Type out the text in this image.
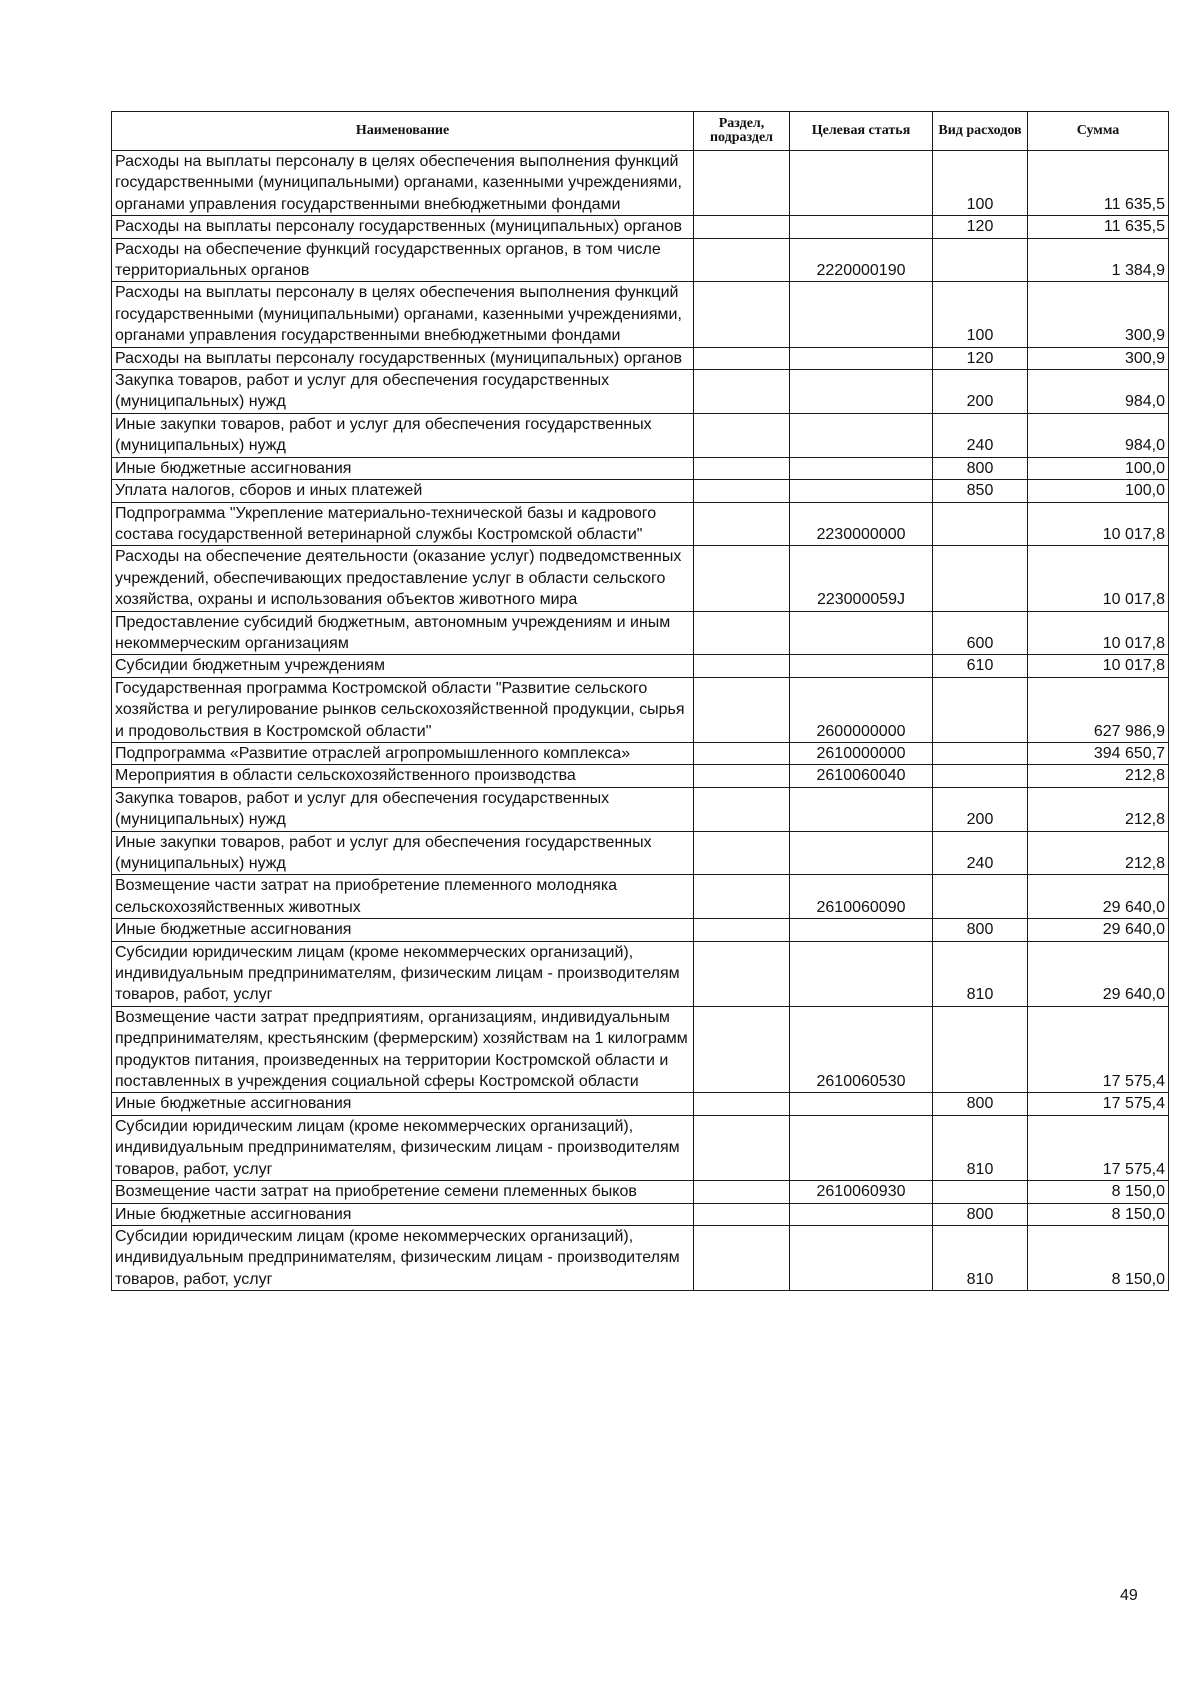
Наименование	Раздел, подраздел	Целевая статья	Вид расходов	Сумма
Расходы на выплаты персоналу в целях обеспечения выполнения функций государственными (муниципальными) органами, казенными учреждениями, органами управления государственными внебюджетными фондами			100	11 635,5
Расходы на выплаты персоналу государственных (муниципальных) органов			120	11 635,5
Расходы на обеспечение функций государственных органов, в том числе территориальных органов		2220000190		1 384,9
Расходы на выплаты персоналу в целях обеспечения выполнения функций государственными (муниципальными) органами, казенными учреждениями, органами управления государственными внебюджетными фондами			100	300,9
Расходы на выплаты персоналу государственных (муниципальных) органов			120	300,9
Закупка товаров, работ и услуг для обеспечения государственных (муниципальных) нужд			200	984,0
Иные закупки товаров, работ и услуг для обеспечения государственных (муниципальных) нужд			240	984,0
Иные бюджетные ассигнования			800	100,0
Уплата налогов, сборов и иных платежей			850	100,0
Подпрограмма "Укрепление материально-технической базы и кадрового состава государственной ветеринарной службы Костромской области"		2230000000		10 017,8
Расходы на обеспечение деятельности (оказание услуг) подведомственных учреждений, обеспечивающих предоставление услуг в области сельского хозяйства, охраны и использования объектов животного мира		223000059J		10 017,8
Предоставление субсидий бюджетным, автономным учреждениям и иным некоммерческим организациям			600	10 017,8
Субсидии бюджетным учреждениям			610	10 017,8
Государственная программа Костромской области "Развитие сельского хозяйства и регулирование рынков сельскохозяйственной продукции, сырья и продовольствия в Костромской области"		2600000000		627 986,9
Подпрограмма «Развитие отраслей агропромышленного комплекса»		2610000000		394 650,7
Мероприятия в области сельскохозяйственного производства		2610060040		212,8
Закупка товаров, работ и услуг для обеспечения государственных (муниципальных) нужд			200	212,8
Иные закупки товаров, работ и услуг для обеспечения государственных (муниципальных) нужд			240	212,8
Возмещение части затрат на приобретение племенного молодняка сельскохозяйственных животных		2610060090		29 640,0
Иные бюджетные ассигнования			800	29 640,0
Субсидии юридическим лицам (кроме некоммерческих организаций), индивидуальным предпринимателям, физическим лицам - производителям товаров, работ, услуг			810	29 640,0
Возмещение части затрат предприятиям, организациям, индивидуальным предпринимателям, крестьянским (фермерским) хозяйствам на 1 килограмм продуктов питания, произведенных на территории Костромской области и поставленных в учреждения социальной сферы Костромской области		2610060530		17 575,4
Иные бюджетные ассигнования			800	17 575,4
Субсидии юридическим лицам (кроме некоммерческих организаций), индивидуальным предпринимателям, физическим лицам - производителям товаров, работ, услуг			810	17 575,4
Возмещение части затрат на приобретение семени племенных быков		2610060930		8 150,0
Иные бюджетные ассигнования			800	8 150,0
Субсидии юридическим лицам (кроме некоммерческих организаций), индивидуальным предпринимателям, физическим лицам - производителям товаров, работ, услуг			810	8 150,0
49
